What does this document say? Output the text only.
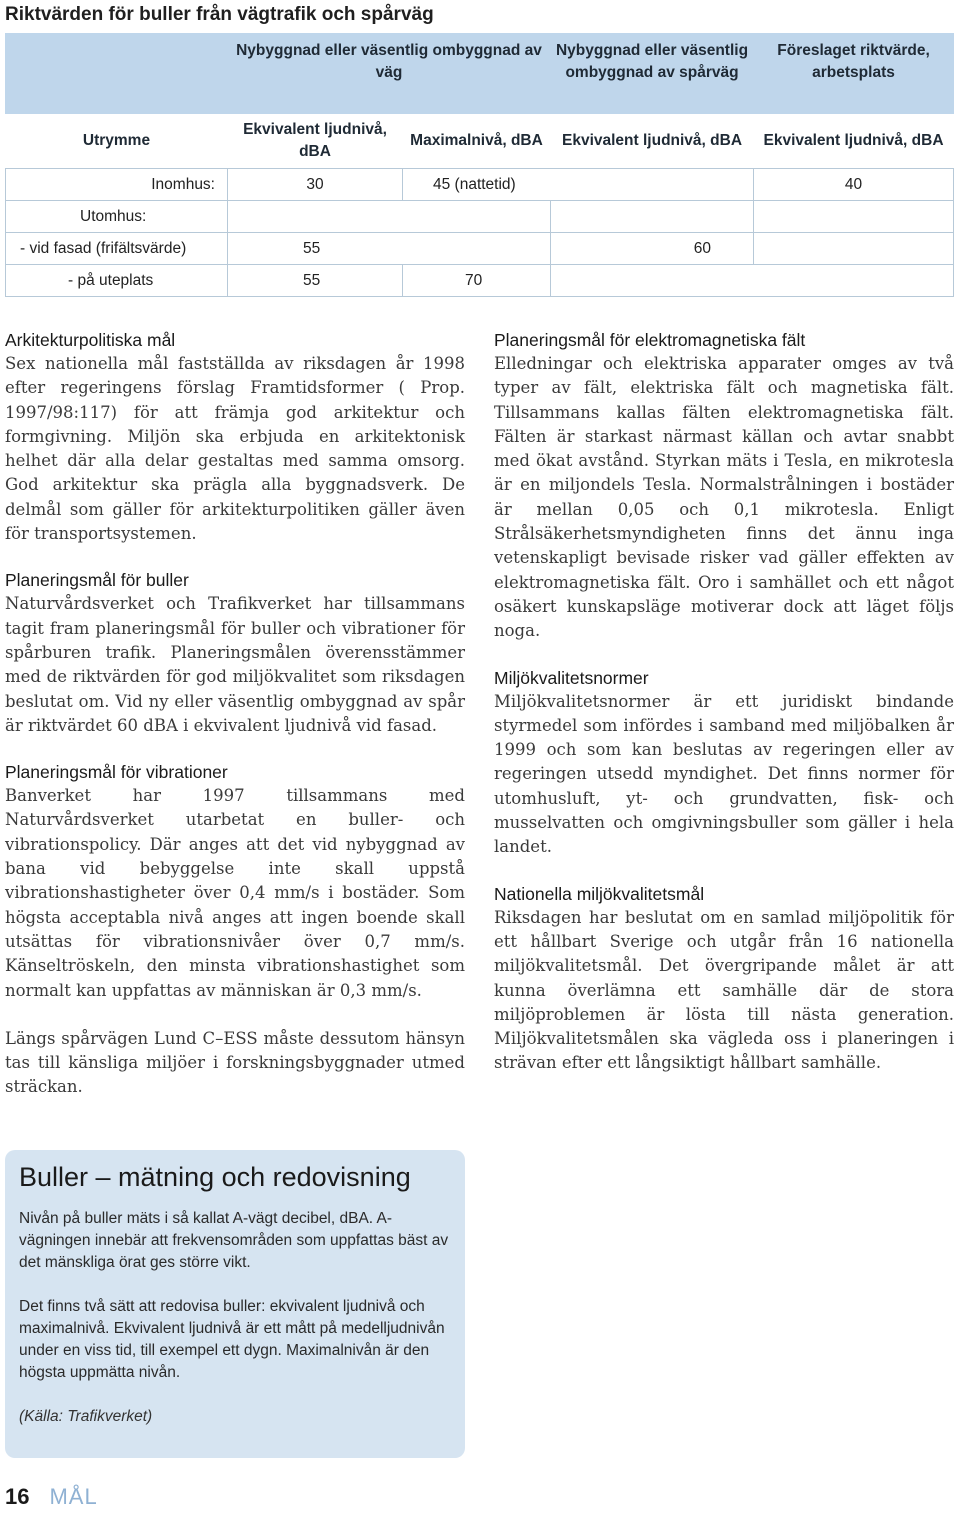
Riktvärden för buller från vägtrafik och spårväg
	Nybyggnad eller väsentlig ombyggnad av väg		Nybyggnad eller väsentlig ombyggnad av spårväg	Föreslaget riktvärde, arbetsplats
Utrymme	Ekvivalent ljudnivå, dBA	Maximalnivå, dBA	Ekvivalent ljudnivå, dBA	Ekvivalent ljudnivå, dBA
Inomhus:	30	45 (nattetid)		40
Utomhus:				
- vid fasad (frifältsvärde)	55		60	
- på uteplats	55	70		
Arkitekturpolitiska mål

Sex nationella mål fastställda av riksdagen år 1998 efter regeringens förslag Framtidsformer ( Prop. 1997/98:117) för att främja god arkitektur och formgivning. Miljön ska erbjuda en arkitektonisk helhet där alla delar gestaltas med samma omsorg. God arkitektur ska prägla alla byggnadsverk. De delmål som gäller för arkitekturpolitiken gäller även för transportsystemen.

Planeringsmål för buller

Naturvårdsverket och Trafikverket har tillsammans tagit fram planeringsmål för buller och vibrationer för spårburen trafik. Planeringsmålen överensstämmer med de riktvärden för god miljökvalitet som riksdagen beslutat om. Vid ny eller väsentlig ombyggnad av spår är riktvärdet 60 dBA i ekvivalent ljudnivå vid fasad.

Planeringsmål för vibrationer

Banverket har 1997 tillsammans med Naturvårdsverket utarbetat en buller- och vibrationspolicy. Där anges att det vid nybyggnad av bana vid bebyggelse inte skall uppstå vibrationshastigheter över 0,4 mm/s i bostäder. Som högsta acceptabla nivå anges att ingen boende skall utsättas för vibrationsnivåer över 0,7 mm/s. Känseltröskeln, den minsta vibrationshastighet som normalt kan uppfattas av människan är 0,3 mm/s.

Längs spårvägen Lund C–ESS måste dessutom hänsyn tas till känsliga miljöer i forskningsbyggnader utmed sträckan.

Planeringsmål för elektromagnetiska fält

Elledningar och elektriska apparater omges av två typer av fält, elektriska fält och magnetiska fält. Tillsammans kallas fälten elektromagnetiska fält. Fälten är starkast närmast källan och avtar snabbt med ökat avstånd. Styrkan mäts i Tesla, en mikrotesla är en miljondels Tesla. Normalstrålningen i bostäder är mellan 0,05 och 0,1 mikrotesla. Enligt Strålsäkerhetsmyndigheten finns det ännu inga vetenskapligt bevisade risker vad gäller effekten av elektromagnetiska fält. Oro i samhället och ett något osäkert kunskapsläge motiverar dock att läget följs noga.

Miljökvalitetsnormer

Miljökvalitetsnormer är ett juridiskt bindande styrmedel som infördes i samband med miljöbalken år 1999 och som kan beslutas av regeringen eller av regeringen utsedd myndighet. Det finns normer för utomhusluft, yt- och grundvatten, fisk- och musselvatten och omgivningsbuller som gäller i hela landet.

Nationella miljökvalitetsmål

Riksdagen har beslutat om en samlad miljöpolitik för ett hållbart Sverige och utgår från 16 nationella miljökvalitetsmål. Det övergripande målet är att kunna överlämna ett samhälle där de stora miljöproblemen är lösta till nästa generation. Miljökvalitetsmålen ska vägleda oss i planeringen i strävan efter ett långsiktigt hållbart samhälle.

Buller – mätning och redovisning

Nivån på buller mäts i så kallat A-vägt decibel, dBA. A-vägningen innebär att frekvensområden som uppfattas bäst av det mänskliga örat ges större vikt.

Det finns två sätt att redovisa buller: ekvivalent ljudnivå och maximalnivå. Ekvivalent ljudnivå är ett mått på medelljudnivån under en viss tid, till exempel ett dygn. Maximalnivån är den högsta uppmätta nivån.

(Källa: Trafikverket)

16 MÅL
